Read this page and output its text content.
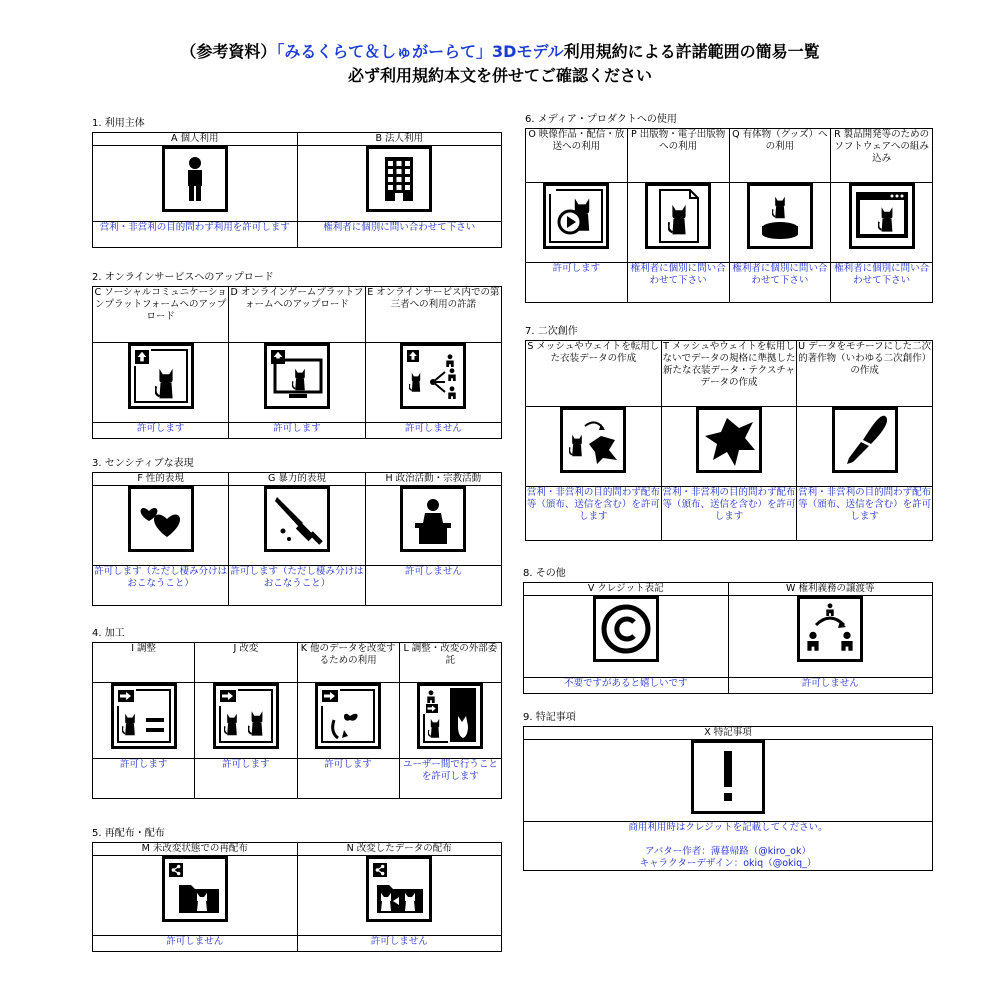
（参考資料）「みるくらて＆しゅがーらて」3Dモデル利用規約による許諾範囲の簡易一覧
必ず利用規約本文を併せてご確認ください
1. 利用主体
A 個人利用	B 法人利用

営利・非営利の目的問わず利用を許可します	権利者に個別に問い合わせて下さい
2. オンラインサービスへのアップロード
C ソーシャルコミュニケーションプラットフォームへのアップロード	D オンラインゲームプラットフォームへのアップロード	E オンラインサービス内での第三者への利用の許諾

許可します	許可します	許可しません
3. センシティブな表現
F 性的表現	G 暴力的表現	H 政治活動・宗教活動

許可します（ただし棲み分けはおこなうこと）	許可します（ただし棲み分けはおこなうこと）	許可しません
4. 加工
I 調整	J 改変	K 他のデータを改変するための利用	L 調整・改変の外部委託

許可します	許可します	許可します	ユーザー間で行うことを許可します
5. 再配布・配布
M 未改変状態での再配布	N 改変したデータの配布

許可しません	許可しません
6. メディア・プロダクトへの使用
O 映像作品・配信・放送への利用	P 出版物・電子出版物への利用	Q 有体物（グッズ）への利用	R 製品開発等のためのソフトウェアへの組み込み

許可します	権利者に個別に問い合わせて下さい	権利者に個別に問い合わせて下さい	権利者に個別に問い合わせて下さい
7. 二次創作
S メッシュやウェイトを転用した衣装データの作成	T メッシュやウェイトを転用しないでデータの規格に準拠した新たな衣装データ・テクスチャデータの作成	U データをモチーフにした二次的著作物（いわゆる二次創作）の作成

営利・非営利の目的問わず配布等（頒布、送信を含む）を許可します	営利・非営利の目的問わず配布等（頒布、送信を含む）を許可します	営利・非営利の目的問わず配布等（頒布、送信を含む）を許可します
8. その他
V クレジット表記	W 権利義務の譲渡等

不要ですがあると嬉しいです	許可しません
9. 特記事項
X 特記事項

商用利用時はクレジットを記載してください。
アバター作者：薄暮帰路（@kiro_ok）
キャラクターデザイン：okiq（@okiq_）
